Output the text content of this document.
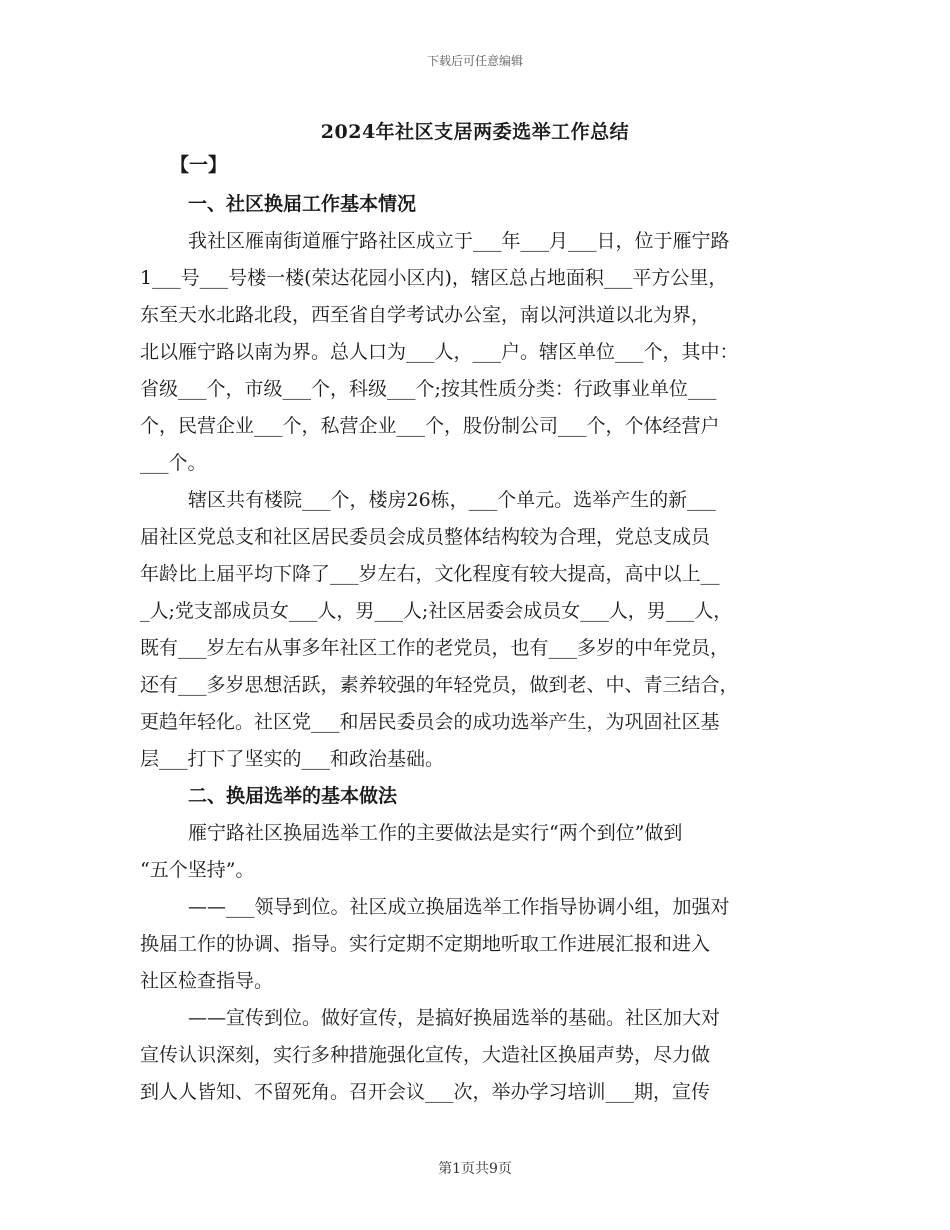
下载后可任意编辑
2024年社区支居两委选举工作总结
【一】
一、社区换届工作基本情况
我社区雁南街道雁宁路社区成立于___年___月___日，位于雁宁路
1___号___号楼一楼(荣达花园小区内)，辖区总占地面积___平方公里，
东至天水北路北段，西至省自学考试办公室，南以河洪道以北为界，
北以雁宁路以南为界。总人口为___人，___户。辖区单位___个，其中：
省级___个，市级___个，科级___个;按其性质分类：行政事业单位___
个，民营企业___个，私营企业___个，股份制公司___个，个体经营户
___个。
辖区共有楼院___个，楼房26栋，___个单元。选举产生的新___
届社区党总支和社区居民委员会成员整体结构较为合理，党总支成员
年龄比上届平均下降了___岁左右，文化程度有较大提高，高中以上__
_人;党支部成员女___人，男___人;社区居委会成员女___人，男___人，
既有___岁左右从事多年社区工作的老党员，也有___多岁的中年党员，
还有___多岁思想活跃，素养较强的年轻党员，做到老、中、青三结合，
更趋年轻化。社区党___和居民委员会的成功选举产生，为巩固社区基
层___打下了坚实的___和政治基础。
二、换届选举的基本做法
雁宁路社区换届选举工作的主要做法是实行“两个到位”做到
“五个坚持”。
——___领导到位。社区成立换届选举工作指导协调小组，加强对
换届工作的协调、指导。实行定期不定期地听取工作进展汇报和进入
社区检查指导。
——宣传到位。做好宣传，是搞好换届选举的基础。社区加大对
宣传认识深刻，实行多种措施强化宣传，大造社区换届声势，尽力做
到人人皆知、不留死角。召开会议___次，举办学习培训___期，宣传
第1页共9页
